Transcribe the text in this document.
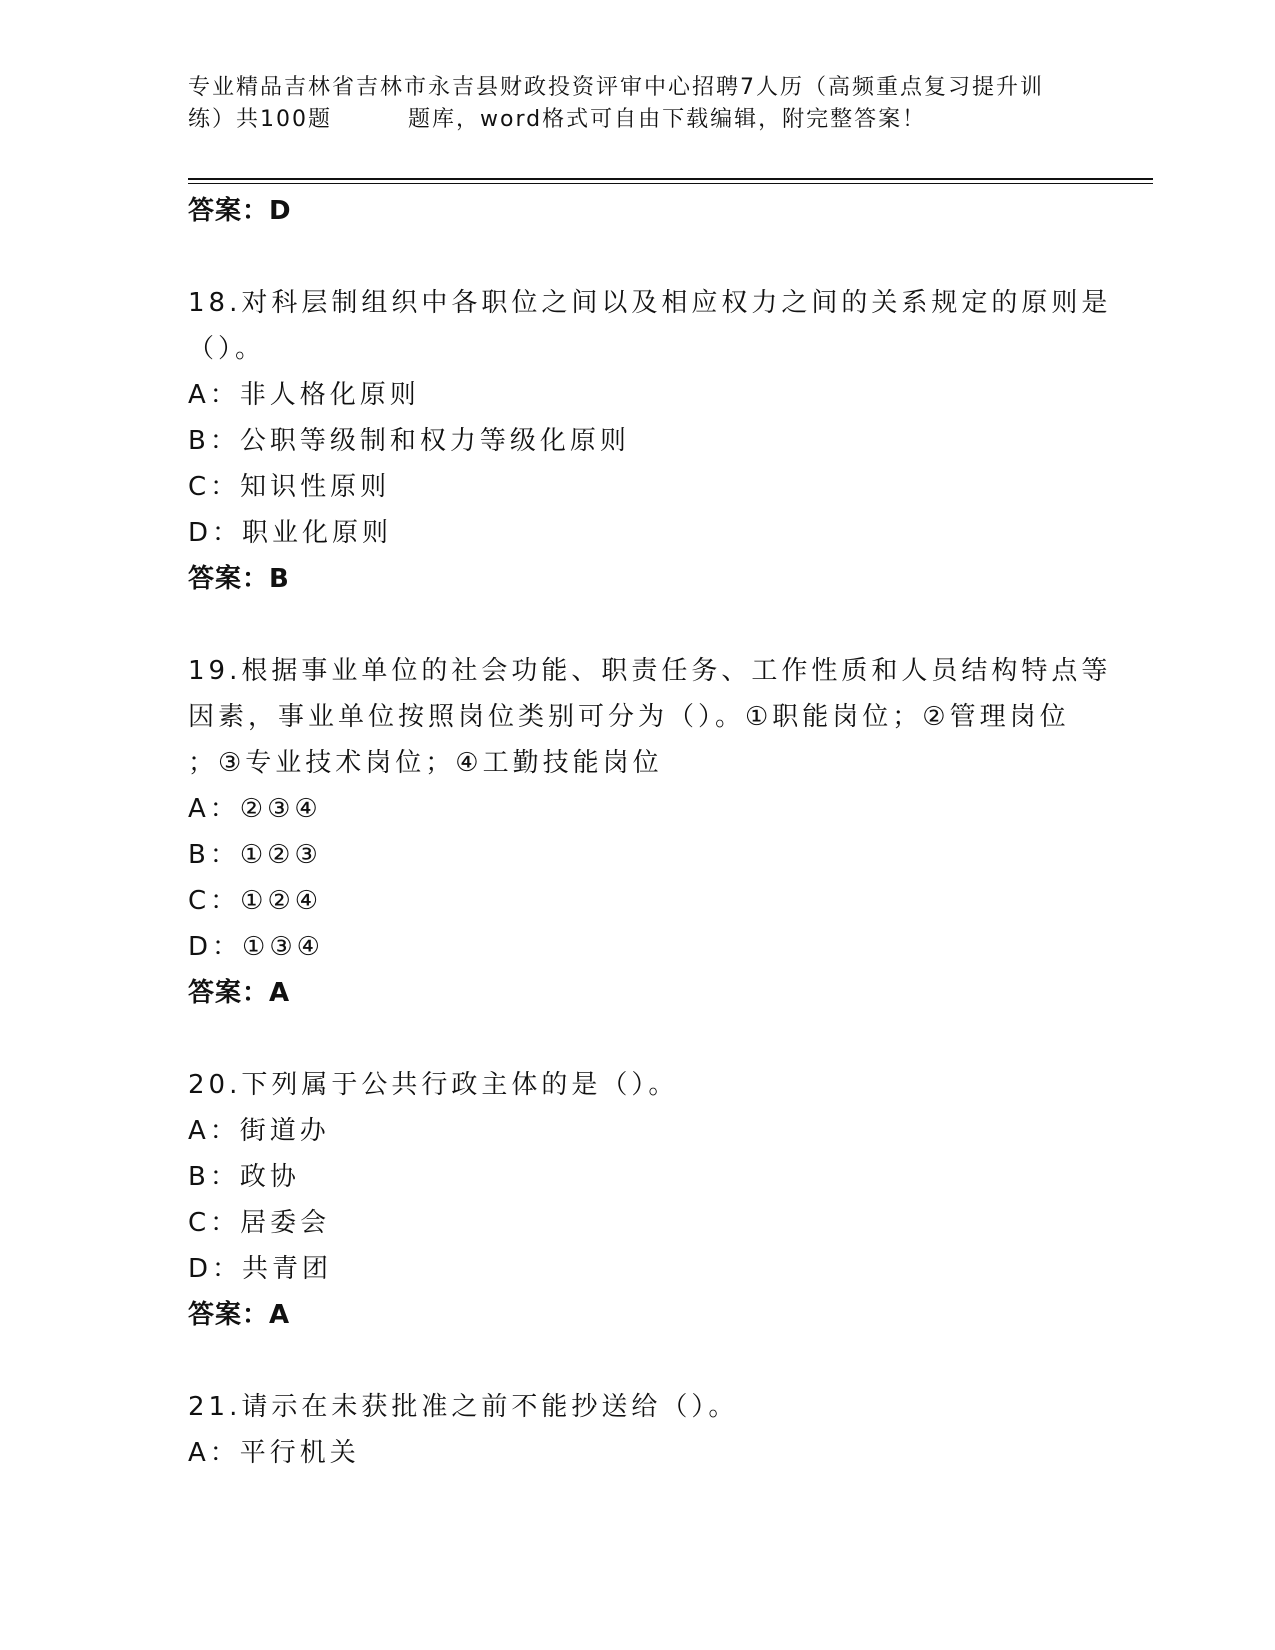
专业精品吉林省吉林市永吉县财政投资评审中心招聘7人历（高频重点复习提升训
练）共100题	题库，word格式可自由下载编辑，附完整答案！
答案：D
18.对科层制组织中各职位之间以及相应权力之间的关系规定的原则是
（）。
A：非人格化原则
B：公职等级制和权力等级化原则
C：知识性原则
D：职业化原则
答案：B
19.根据事业单位的社会功能、职责任务、工作性质和人员结构特点等
因素，事业单位按照岗位类别可分为（）。①职能岗位；②管理岗位
；③专业技术岗位；④工勤技能岗位
A：②③④
B：①②③
C：①②④
D：①③④
答案：A
20.下列属于公共行政主体的是（）。
A：街道办
B：政协
C：居委会
D：共青团
答案：A
21.请示在未获批准之前不能抄送给（）。
A：平行机关
